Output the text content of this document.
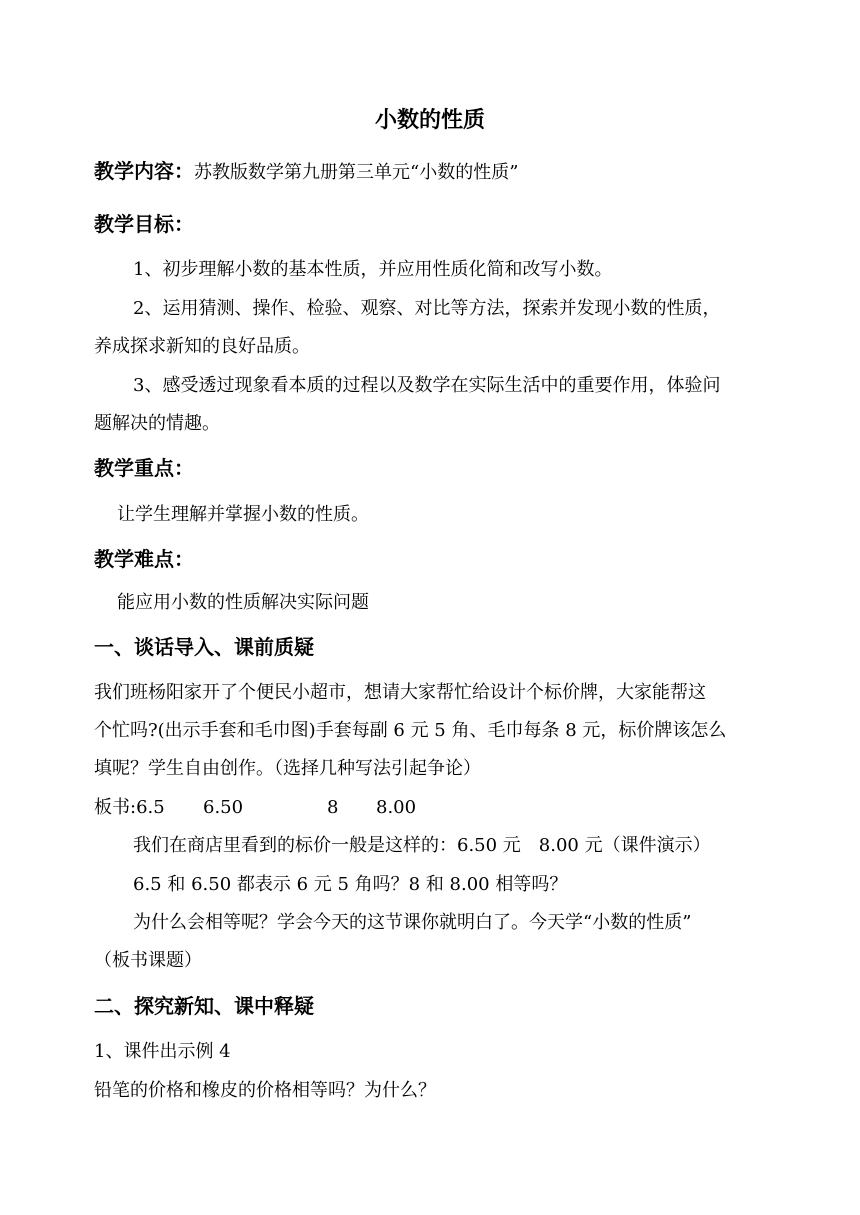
小数的性质
教学内容：苏教版数学第九册第三单元“小数的性质”
教学目标：
1、初步理解小数的基本性质，并应用性质化简和改写小数。
2、运用猜测、操作、检验、观察、对比等方法，探索并发现小数的性质，
养成探求新知的良好品质。
3、感受透过现象看本质的过程以及数学在实际生活中的重要作用，体验问
题解决的情趣。
教学重点：
让学生理解并掌握小数的性质。
教学难点：
能应用小数的性质解决实际问题
一、谈话导入、课前质疑
我们班杨阳家开了个便民小超市，想请大家帮忙给设计个标价牌，大家能帮这
个忙吗?(出示手套和毛巾图)手套每副 6 元 5 角、毛巾每条 8 元，标价牌该怎么
填呢？学生自由创作。（选择几种写法引起争论）
板书:6.5 6.50	8 8.00
我们在商店里看到的标价一般是这样的：6.50 元　8.00 元（课件演示）
6.5 和 6.50 都表示 6 元 5 角吗？8 和 8.00 相等吗？
为什么会相等呢？学会今天的这节课你就明白了。今天学“小数的性质”
（板书课题）
二、探究新知、课中释疑
1、课件出示例 4
铅笔的价格和橡皮的价格相等吗？为什么？
